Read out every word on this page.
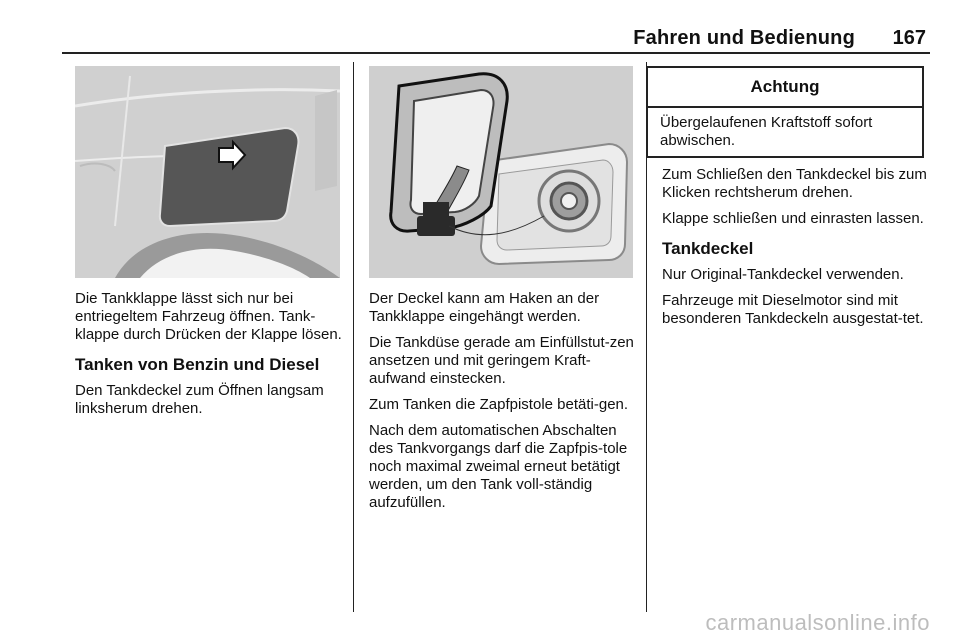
Fahren und Bedienung 167

Die Tankklappe lässt sich nur bei entriegeltem Fahrzeug öffnen. Tank‐klappe durch Drücken der Klappe lösen.

Tanken von Benzin und Diesel

Den Tankdeckel zum Öffnen langsam linksherum drehen.

Der Deckel kann am Haken an der Tankklappe eingehängt werden.

Die Tankdüse gerade am Einfüllstut‐zen ansetzen und mit geringem Kraft‐aufwand einstecken.

Zum Tanken die Zapfpistole betäti‐gen.

Nach dem automatischen Abschalten des Tankvorgangs darf die Zapfpis‐tole noch maximal zweimal erneut betätigt werden, um den Tank voll‐ständig aufzufüllen.

Achtung
Übergelaufenen Kraftstoff sofort abwischen.

Zum Schließen den Tankdeckel bis zum Klicken rechtsherum drehen.

Klappe schließen und einrasten lassen.

Tankdeckel

Nur Original-Tankdeckel verwenden.

Fahrzeuge mit Dieselmotor sind mit besonderen Tankdeckeln ausgestat‐tet.

carmanualsonline.info
